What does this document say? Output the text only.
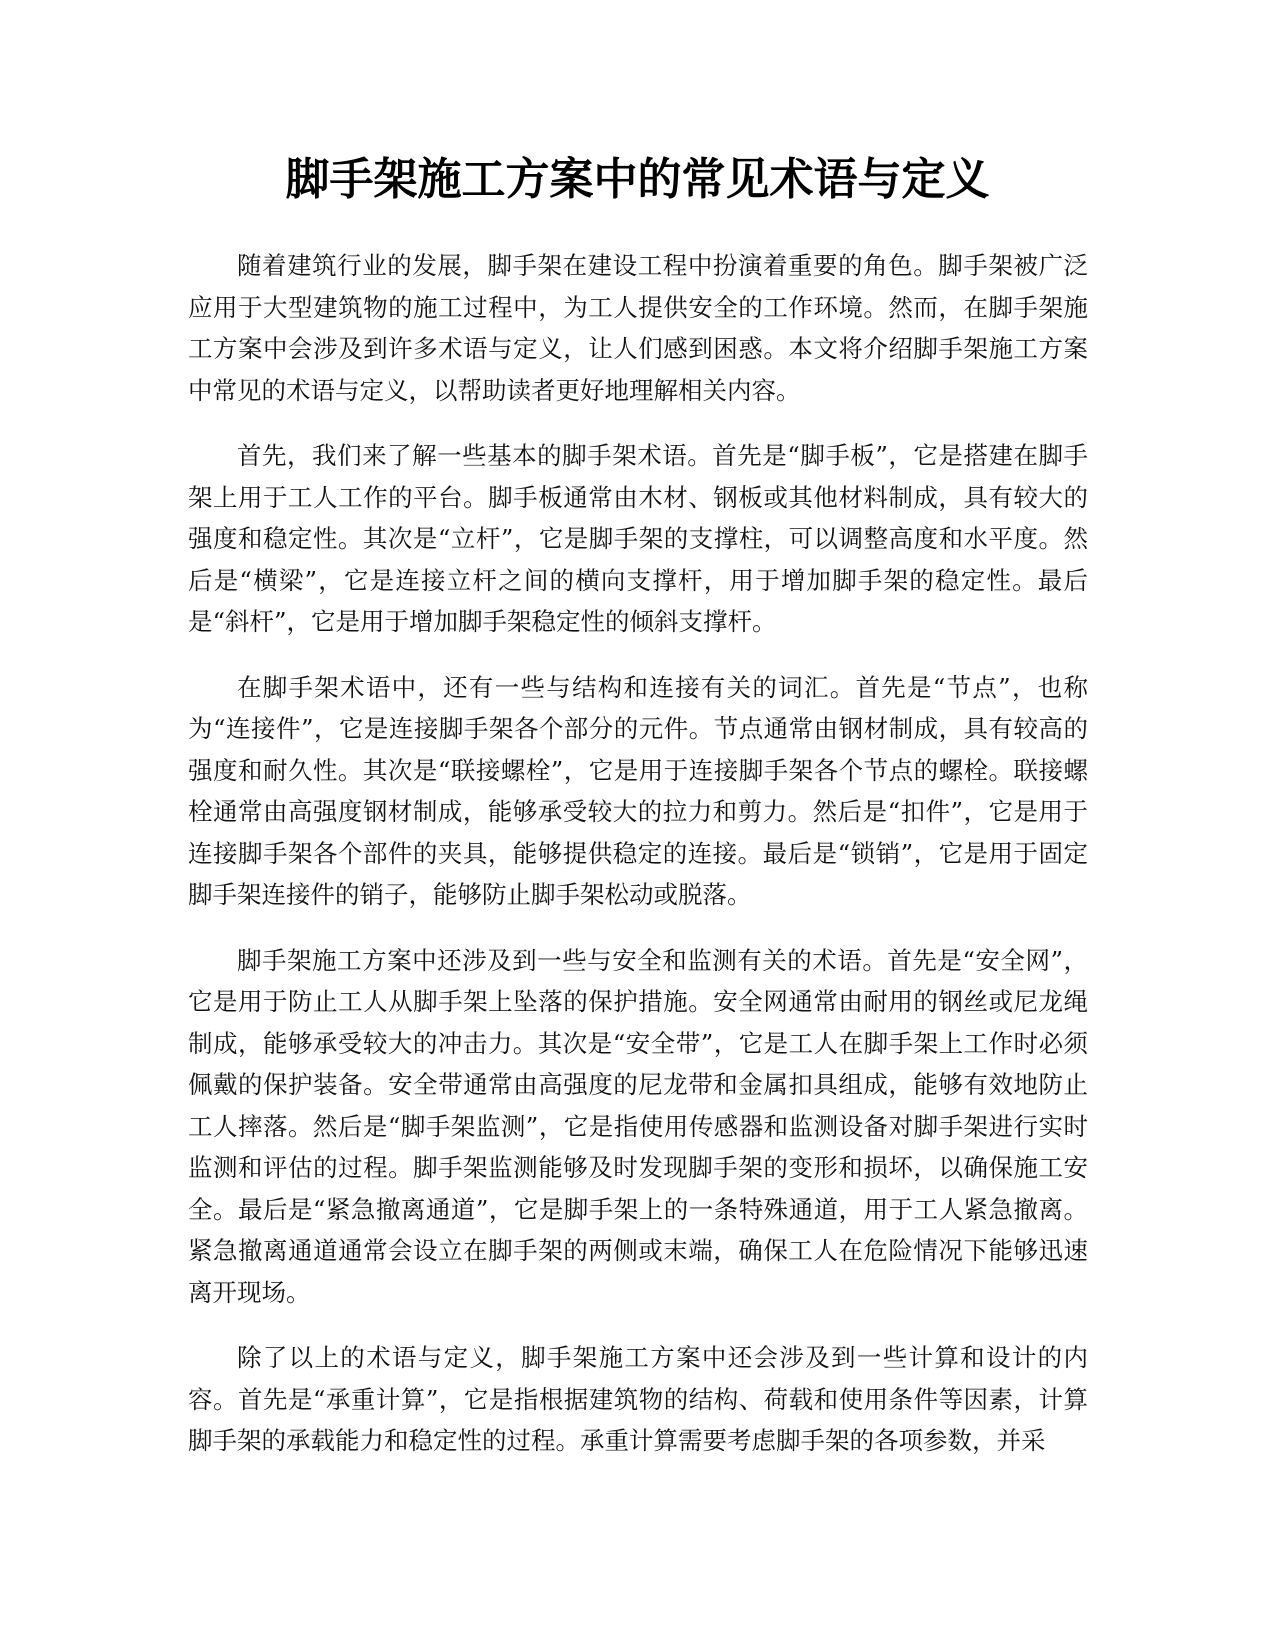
脚手架施工方案中的常见术语与定义

随着建筑行业的发展，脚手架在建设工程中扮演着重要的角色。脚手架被广泛应用于大型建筑物的施工过程中，为工人提供安全的工作环境。然而，在脚手架施工方案中会涉及到许多术语与定义，让人们感到困惑。本文将介绍脚手架施工方案中常见的术语与定义，以帮助读者更好地理解相关内容。

首先，我们来了解一些基本的脚手架术语。首先是“脚手板”，它是搭建在脚手架上用于工人工作的平台。脚手板通常由木材、钢板或其他材料制成，具有较大的强度和稳定性。其次是“立杆”，它是脚手架的支撑柱，可以调整高度和水平度。然后是“横梁”，它是连接立杆之间的横向支撑杆，用于增加脚手架的稳定性。最后是“斜杆”，它是用于增加脚手架稳定性的倾斜支撑杆。

在脚手架术语中，还有一些与结构和连接有关的词汇。首先是“节点”，也称为“连接件”，它是连接脚手架各个部分的元件。节点通常由钢材制成，具有较高的强度和耐久性。其次是“联接螺栓”，它是用于连接脚手架各个节点的螺栓。联接螺栓通常由高强度钢材制成，能够承受较大的拉力和剪力。然后是“扣件”，它是用于连接脚手架各个部件的夹具，能够提供稳定的连接。最后是“锁销”，它是用于固定脚手架连接件的销子，能够防止脚手架松动或脱落。

脚手架施工方案中还涉及到一些与安全和监测有关的术语。首先是“安全网”，它是用于防止工人从脚手架上坠落的保护措施。安全网通常由耐用的钢丝或尼龙绳制成，能够承受较大的冲击力。其次是“安全带”，它是工人在脚手架上工作时必须佩戴的保护装备。安全带通常由高强度的尼龙带和金属扣具组成，能够有效地防止工人摔落。然后是“脚手架监测”，它是指使用传感器和监测设备对脚手架进行实时监测和评估的过程。脚手架监测能够及时发现脚手架的变形和损坏，以确保施工安全。最后是“紧急撤离通道”，它是脚手架上的一条特殊通道，用于工人紧急撤离。紧急撤离通道通常会设立在脚手架的两侧或末端，确保工人在危险情况下能够迅速离开现场。

除了以上的术语与定义，脚手架施工方案中还会涉及到一些计算和设计的内容。首先是“承重计算”，它是指根据建筑物的结构、荷载和使用条件等因素，计算脚手架的承载能力和稳定性的过程。承重计算需要考虑脚手架的各项参数，并采
